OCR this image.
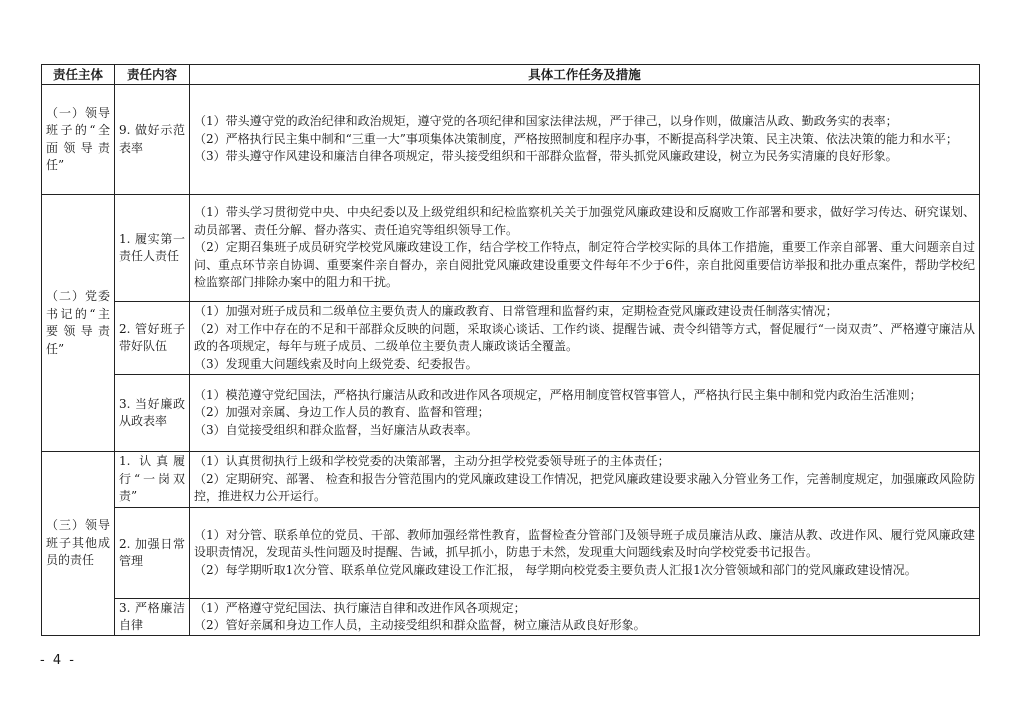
责任主体	责任内容	具体工作任务及措施
（一）领导班子的“全面领导责任”	9. 做好示范表率	（1）带头遵守党的政治纪律和政治规矩，遵守党的各项纪律和国家法律法规，严于律己，以身作则，做廉洁从政、勤政务实的表率；
（2）严格执行民主集中制和“三重一大”事项集体决策制度，严格按照制度和程序办事，不断提高科学决策、民主决策、依法决策的能力和水平；
（3）带头遵守作风建设和廉洁自律各项规定，带头接受组织和干部群众监督，带头抓党风廉政建设，树立为民务实清廉的良好形象。

（二）党委书记的“主要领导责任”	1. 履实第一责任人责任	（1）带头学习贯彻党中央、中央纪委以及上级党组织和纪检监察机关关于加强党风廉政建设和反腐败工作部署和要求，做好学习传达、研究谋划、动员部署、责任分解、督办落实、责任追究等组织领导工作。
（2）定期召集班子成员研究学校党风廉政建设工作，结合学校工作特点，制定符合学校实际的具体工作措施，重要工作亲自部署、重大问题亲自过问、重点环节亲自协调、重要案件亲自督办，亲自阅批党风廉政建设重要文件每年不少于6件，亲自批阅重要信访举报和批办重点案件，帮助学校纪检监察部门排除办案中的阻力和干扰。

	2. 管好班子带好队伍	（1）加强对班子成员和二级单位主要负责人的廉政教育、日常管理和监督约束，定期检查党风廉政建设责任制落实情况；
（2）对工作中存在的不足和干部群众反映的问题，采取谈心谈话、工作约谈、提醒告诫、责令纠错等方式，督促履行“一岗双责”、严格遵守廉洁从政的各项规定，每年与班子成员、二级单位主要负责人廉政谈话全覆盖。
（3）发现重大问题线索及时向上级党委、纪委报告。

	3. 当好廉政从政表率	（1）模范遵守党纪国法，严格执行廉洁从政和改进作风各项规定，严格用制度管权管事管人，严格执行民主集中制和党内政治生活准则；
（2）加强对亲属、身边工作人员的教育、监督和管理；
（3）自觉接受组织和群众监督，当好廉洁从政表率。

（三）领导班子其他成员的责任	1. 认真履行“一岗双责”	（1）认真贯彻执行上级和学校党委的决策部署，主动分担学校党委领导班子的主体责任；
（2）定期研究、部署、 检查和报告分管范围内的党风廉政建设工作情况，把党风廉政建设要求融入分管业务工作，完善制度规定，加强廉政风险防控，推进权力公开运行。

	2. 加强日常管理	（1）对分管、联系单位的党员、干部、教师加强经常性教育，监督检查分管部门及领导班子成员廉洁从政、廉洁从教、改进作风、履行党风廉政建设职责情况，发现苗头性问题及时提醒、告诫，抓早抓小，防患于未然，发现重大问题线索及时向学校党委书记报告。
（2）每学期听取1次分管、联系单位党风廉政建设工作汇报， 每学期向校党委主要负责人汇报1次分管领域和部门的党风廉政建设情况。

	3. 严格廉洁自律	（1）严格遵守党纪国法、执行廉洁自律和改进作风各项规定；
（2）管好亲属和身边工作人员，主动接受组织和群众监督，树立廉洁从政良好形象。
- 4 -
